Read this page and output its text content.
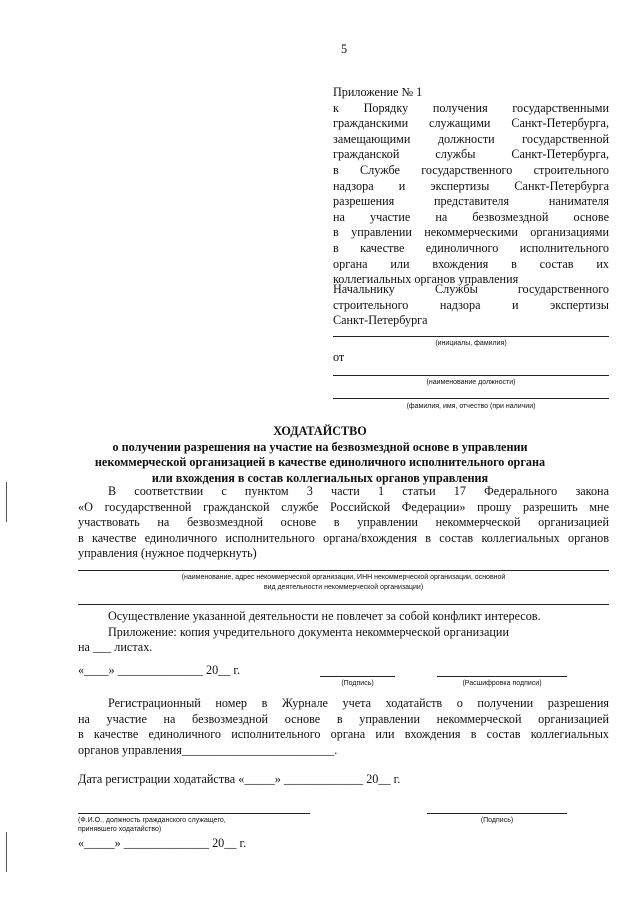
5
Приложение № 1
к Порядку получения государственными
гражданскими служащими Санкт-Петербурга,
замещающими должности государственной
гражданской службы Санкт-Петербурга,
в Службе государственного строительного
надзора и экспертизы Санкт-Петербурга
разрешения представителя нанимателя
на участие на безвозмездной основе
в управлении некоммерческими организациями
в качестве единоличного исполнительного
органа или вхождения в состав их
коллегиальных органов управления
Начальнику Службы государственного
строительного надзора и экспертизы
Санкт-Петербурга
(инициалы, фамилия)
от
(наименование должности)
(фамилия, имя, отчество (при наличии)
ХОДАТАЙСТВО
о получении разрешения на участие на безвозмездной основе в управлении
некоммерческой организацией в качестве единоличного исполнительного органа
или вхождения в состав коллегиальных органов управления
В соответствии с пунктом 3 части 1 статьи 17 Федерального закона
«О государственной гражданской службе Российской Федерации» прошу разрешить мне
участвовать на безвозмездной основе в управлении некоммерческой организацией
в качестве единоличного исполнительного органа/вхождения в состав коллегиальных органов
управления (нужное подчеркнуть)
(наименование, адрес некоммерческой организации, ИНН некоммерческой организации, основной
вид деятельности некоммерческой организации)
Осуществление указанной деятельности не повлечет за собой конфликт интересов.
Приложение: копия учредительного документа некоммерческой организации
на ___ листах.
«____» ______________ 20__ г.
(Подпись)	(Расшифровка подписи)
Регистрационный номер в Журнале учета ходатайств о получении разрешения
на участие на безвозмездной основе в управлении некоммерческой организацией
в качестве единоличного исполнительного органа или вхождения в состав коллегиальных
органов управления_________________________.
Дата регистрации ходатайства «_____» _____________ 20__ г.
(Ф.И.О., должность гражданского служащего,
принявшего ходатайство)
(Подпись)
«_____» ______________ 20__ г.
